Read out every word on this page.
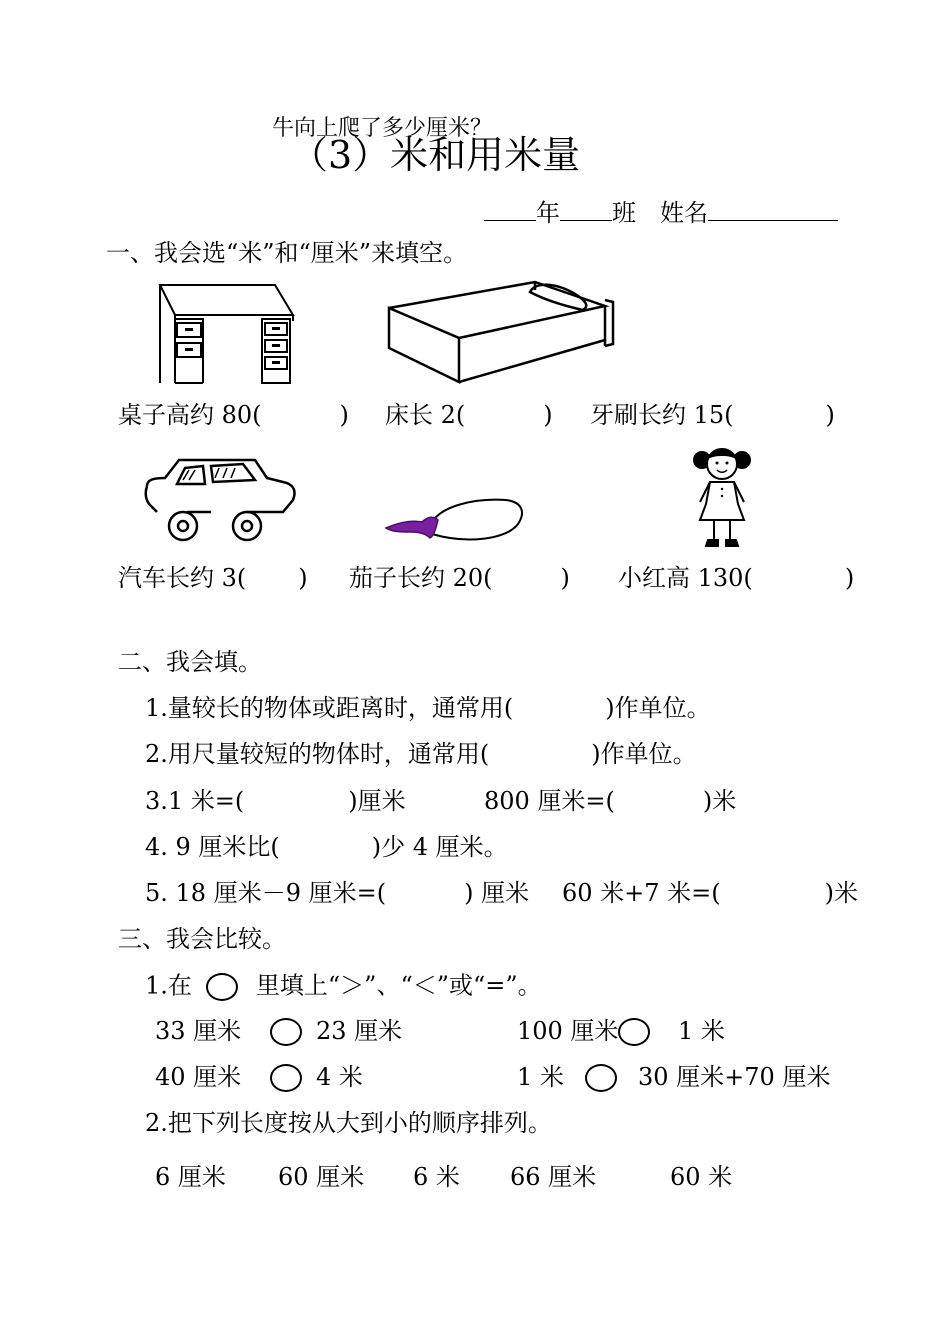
牛向上爬了多少厘米？
（3）米和用米量
年 班 姓名
一、我会选“米”和“厘米”来填空。
桌子高约 80(	) 床长 2(	) 牙刷长约 15(	)
汽车长约 3( ) 茄子长约 20(	) 小红高 130(	)
二、我会填。
1.量较长的物体或距离时，通常用(	)作单位。
2.用尺量较短的物体时，通常用(	)作单位。
3.1 米=(	)厘米	800 厘米=(	)米
4. 9 厘米比(	)少 4 厘米。
5. 18 厘米－9 厘米=(	) 厘米 60 米+7 米=(	)米
三、我会比较。
1.在	里填上“＞”、“＜”或“=”。
33 厘米	23 厘米	100 厘米 1 米
40 厘米	4 米	1 米	30 厘米+70 厘米
2.把下列长度按从大到小的顺序排列。
6 厘米 60 厘米 6 米 66 厘米	60 米
